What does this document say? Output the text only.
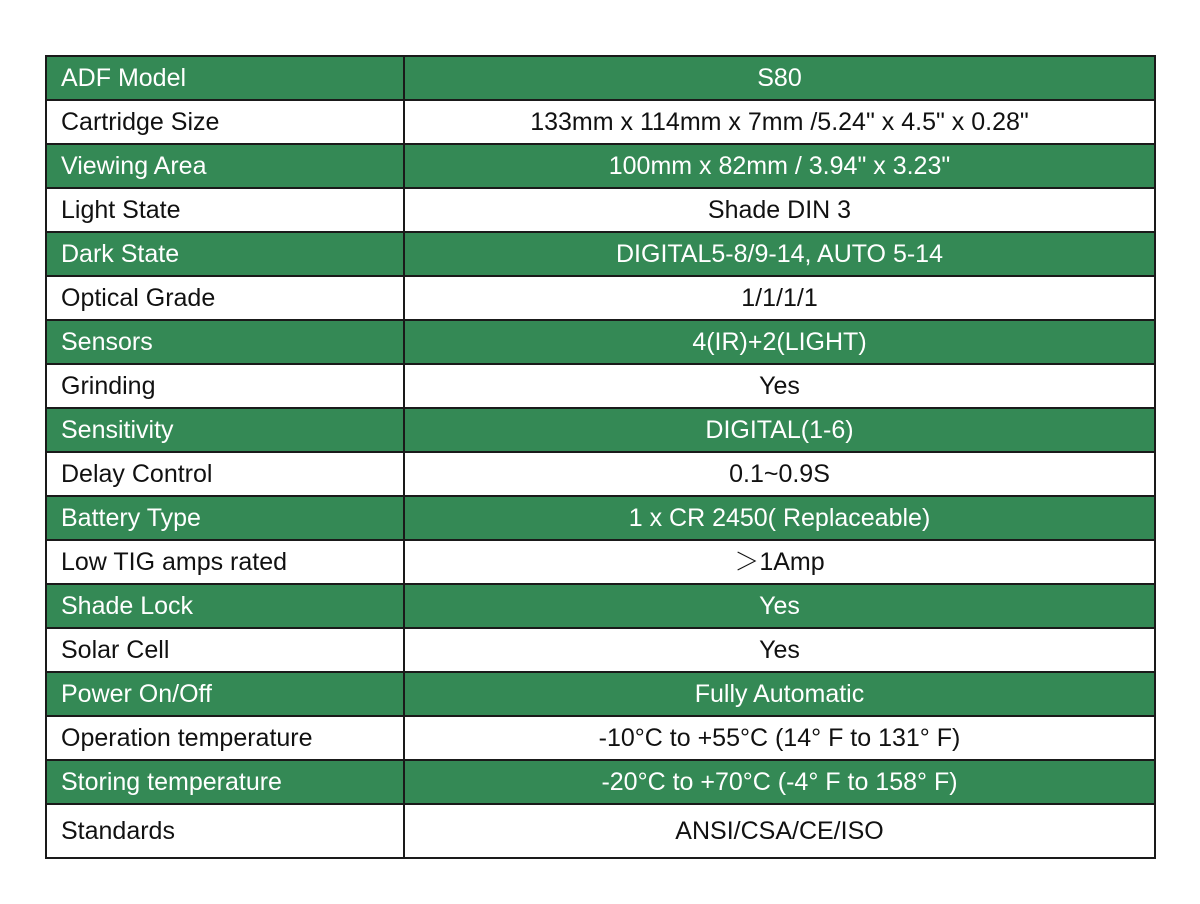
ADF Model	S80
Cartridge Size	133mm x 114mm x 7mm /5.24" x 4.5" x 0.28"
Viewing Area	100mm x 82mm / 3.94" x 3.23"
Light State	Shade DIN 3
Dark State	DIGITAL5-8/9-14, AUTO 5-14
Optical Grade	1/1/1/1
Sensors	4(IR)+2(LIGHT)
Grinding	Yes
Sensitivity	DIGITAL(1-6)
Delay Control	0.1~0.9S
Battery Type	1 x CR 2450( Replaceable)
Low TIG amps rated	＞1Amp
Shade Lock	Yes
Solar Cell	Yes
Power On/Off	Fully Automatic
Operation temperature	-10°C to +55°C (14° F to 131° F)
Storing temperature	-20°C to +70°C (-4° F to 158° F)
Standards	ANSI/CSA/CE/ISO
